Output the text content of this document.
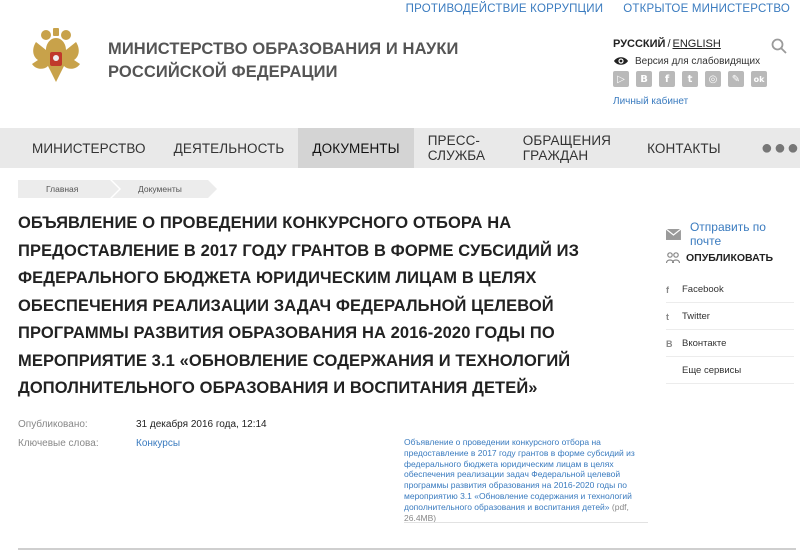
ПРОТИВОДЕЙСТВИЕ КОРРУПЦИИ ОТКРЫТОЕ МИНИСТЕРСТВО
МИНИСТЕРСТВО ОБРАЗОВАНИЯ И НАУКИ
РОССИЙСКОЙ ФЕДЕРАЦИИ
РУССКИЙ / ENGLISH
Версия для слабовидящих
▷	В	f	t	◎	✎	ok
Личный кабинет
МИНИСТЕРСТВО	ДЕЯТЕЛЬНОСТЬ	ДОКУМЕНТЫ	ПРЕСС-СЛУЖБА
ОБРАЩЕНИЯ ГРАЖДАН	КОНТАКТЫ	●●●
Главная	Документы
ОБЪЯВЛЕНИЕ О ПРОВЕДЕНИИ КОНКУРСНОГО ОТБОРА НА ПРЕДОСТАВЛЕНИЕ В 2017 ГОДУ ГРАНТОВ В ФОРМЕ СУБСИДИЙ ИЗ ФЕДЕРАЛЬНОГО БЮДЖЕТА ЮРИДИЧЕСКИМ ЛИЦАМ В ЦЕЛЯХ ОБЕСПЕЧЕНИЯ РЕАЛИЗАЦИИ ЗАДАЧ ФЕДЕРАЛЬНОЙ ЦЕЛЕВОЙ ПРОГРАММЫ РАЗВИТИЯ ОБРАЗОВАНИЯ НА 2016-2020 ГОДЫ ПО МЕРОПРИЯТИЕ 3.1 «ОБНОВЛЕНИЕ СОДЕРЖАНИЯ И ТЕХНОЛОГИЙ ДОПОЛНИТЕЛЬНОГО ОБРАЗОВАНИЯ И ВОСПИТАНИЯ ДЕТЕЙ»
Отправить по почте
ОПУБЛИКОВАТЬ
f	Facebook
t	Twitter
В	Вконтакте
Еще сервисы
Опубликовано:	31 декабря 2016 года, 12:14
Ключевые слова:	Конкурсы	Объявление о проведении конкурсного отбора на предоставление в 2017 году грантов в форме субсидий из федерального бюджета юридическим лицам в целях обеспечения реализации задач Федеральной целевой программы развития образования на 2016-2020 годы по мероприятию 3.1 «Обновление содержания и технологий дополнительного образования и воспитания детей» (pdf, 26.4MB)
